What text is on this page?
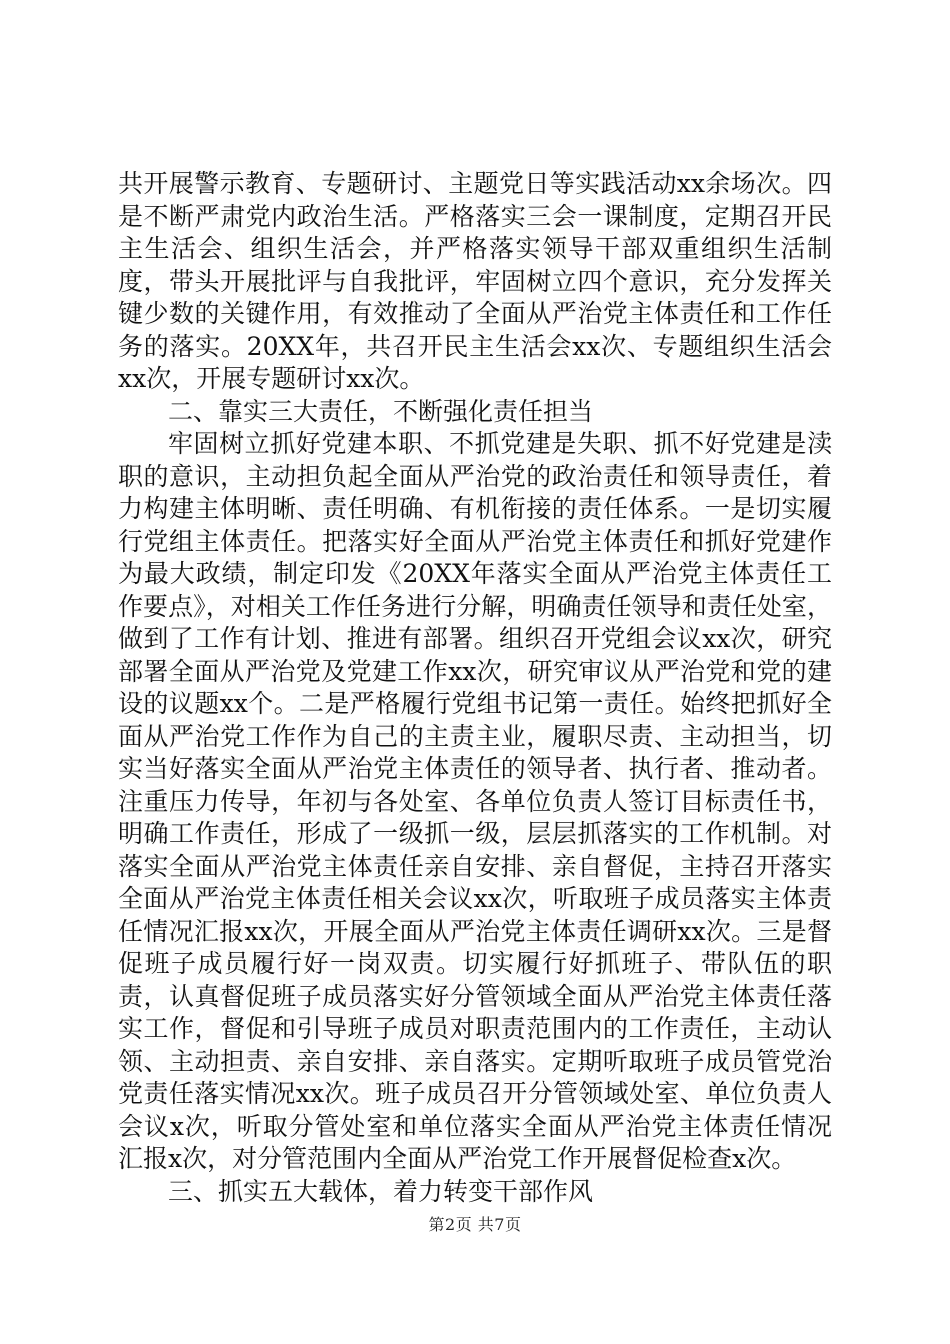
共开展警示教育、专题研讨、主题党日等实践活动xx余场次。四是不断严肃党内政治生活。严格落实三会一课制度，定期召开民主生活会、组织生活会，并严格落实领导干部双重组织生活制度，带头开展批评与自我批评，牢固树立四个意识，充分发挥关键少数的关键作用，有效推动了全面从严治党主体责任和工作任务的落实。20XX年，共召开民主生活会xx次、专题组织生活会xx次，开展专题研讨xx次。

二、靠实三大责任，不断强化责任担当

牢固树立抓好党建本职、不抓党建是失职、抓不好党建是渎职的意识，主动担负起全面从严治党的政治责任和领导责任，着力构建主体明晰、责任明确、有机衔接的责任体系。一是切实履行党组主体责任。把落实好全面从严治党主体责任和抓好党建作为最大政绩，制定印发《20XX年落实全面从严治党主体责任工作要点》，对相关工作任务进行分解，明确责任领导和责任处室，做到了工作有计划、推进有部署。组织召开党组会议xx次，研究部署全面从严治党及党建工作xx次，研究审议从严治党和党的建设的议题xx个。二是严格履行党组书记第一责任。始终把抓好全面从严治党工作作为自己的主责主业，履职尽责、主动担当，切实当好落实全面从严治党主体责任的领导者、执行者、推动者。注重压力传导，年初与各处室、各单位负责人签订目标责任书，明确工作责任，形成了一级抓一级，层层抓落实的工作机制。对落实全面从严治党主体责任亲自安排、亲自督促，主持召开落实全面从严治党主体责任相关会议xx次，听取班子成员落实主体责任情况汇报xx次，开展全面从严治党主体责任调研xx次。三是督促班子成员履行好一岗双责。切实履行好抓班子、带队伍的职责，认真督促班子成员落实好分管领域全面从严治党主体责任落实工作，督促和引导班子成员对职责范围内的工作责任，主动认领、主动担责、亲自安排、亲自落实。定期听取班子成员管党治党责任落实情况xx次。班子成员召开分管领域处室、单位负责人会议x次，听取分管处室和单位落实全面从严治党主体责任情况汇报x次，对分管范围内全面从严治党工作开展督促检查x次。

三、抓实五大载体，着力转变干部作风

第2页 共7页
